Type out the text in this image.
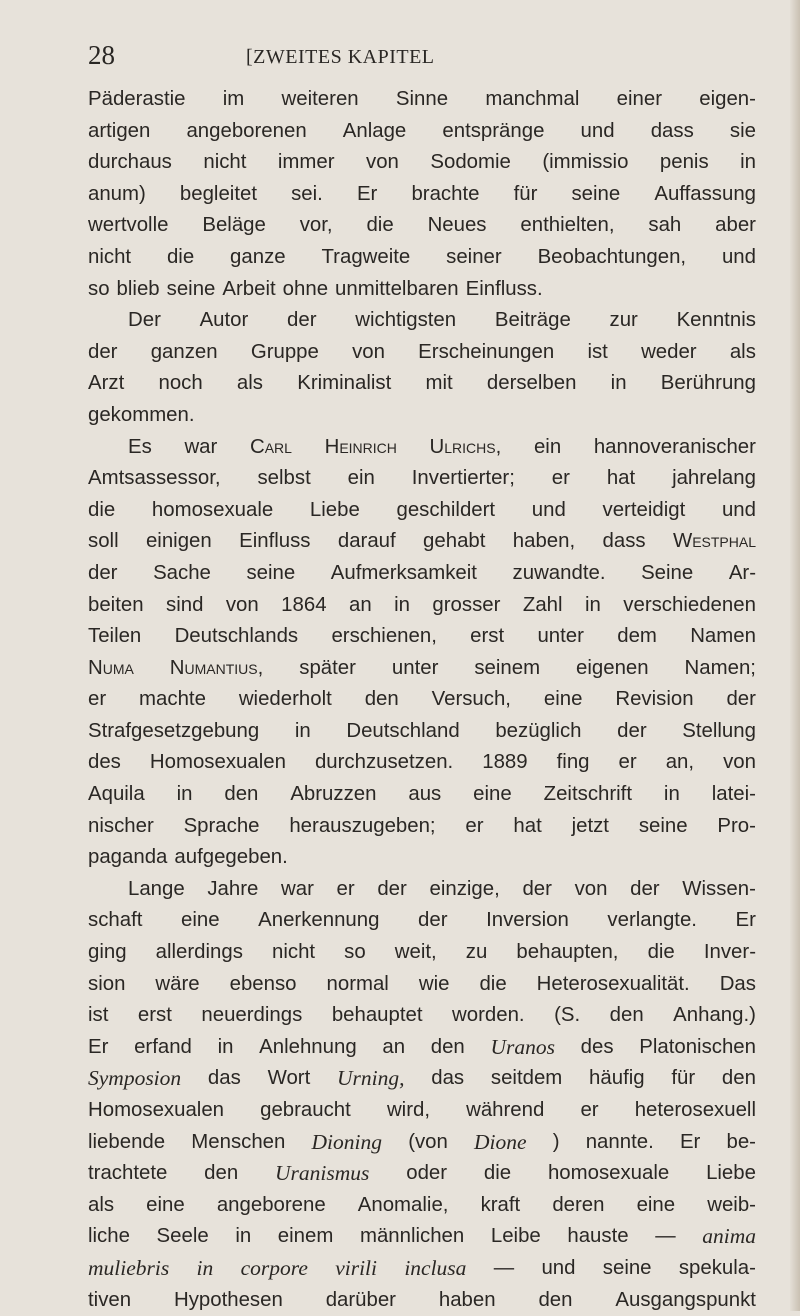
28	[ZWEITES KAPITEL
Päderastie im weiteren Sinne manchmal einer eigen-
artigen angeborenen Anlage entspränge und dass sie
durchaus nicht immer von Sodomie (immissio penis in
anum) begleitet sei. Er brachte für seine Auffassung
wertvolle Beläge vor, die Neues enthielten, sah aber
nicht die ganze Tragweite seiner Beobachtungen, und
so blieb seine Arbeit ohne unmittelbaren Einfluss.
Der Autor der wichtigsten Beiträge zur Kenntnis
der ganzen Gruppe von Erscheinungen ist weder als
Arzt noch als Kriminalist mit derselben in Berührung
gekommen.
Es war Carl Heinrich Ulrichs, ein hannoveranischer
Amtsassessor, selbst ein Invertierter; er hat jahrelang
die homosexuale Liebe geschildert und verteidigt und
soll einigen Einfluss darauf gehabt haben, dass Westphal
der Sache seine Aufmerksamkeit zuwandte. Seine Ar-
beiten sind von 1864 an in grosser Zahl in verschiedenen
Teilen Deutschlands erschienen, erst unter dem Namen
Numa Numantius, später unter seinem eigenen Namen;
er machte wiederholt den Versuch, eine Revision der
Strafgesetzgebung in Deutschland bezüglich der Stellung
des Homosexualen durchzusetzen. 1889 fing er an, von
Aquila in den Abruzzen aus eine Zeitschrift in latei-
nischer Sprache herauszugeben; er hat jetzt seine Pro-
paganda aufgegeben.
Lange Jahre war er der einzige, der von der Wissen-
schaft eine Anerkennung der Inversion verlangte. Er
ging allerdings nicht so weit, zu behaupten, die Inver-
sion wäre ebenso normal wie die Heterosexualität. Das
ist erst neuerdings behauptet worden. (S. den Anhang.)
Er erfand in Anlehnung an den Uranos des Platonischen
Symposion das Wort Urning, das seitdem häufig für den
Homosexualen gebraucht wird, während er heterosexuell
liebende Menschen Dioning (von Dione ) nannte. Er be-
trachtete den Uranismus oder die homosexuale Liebe
als eine angeborene Anomalie, kraft deren eine weib-
liche Seele in einem männlichen Leibe hauste — anima
muliebris in corpore virili inclusa — und seine spekula-
tiven Hypothesen darüber haben den Ausgangspunkt
